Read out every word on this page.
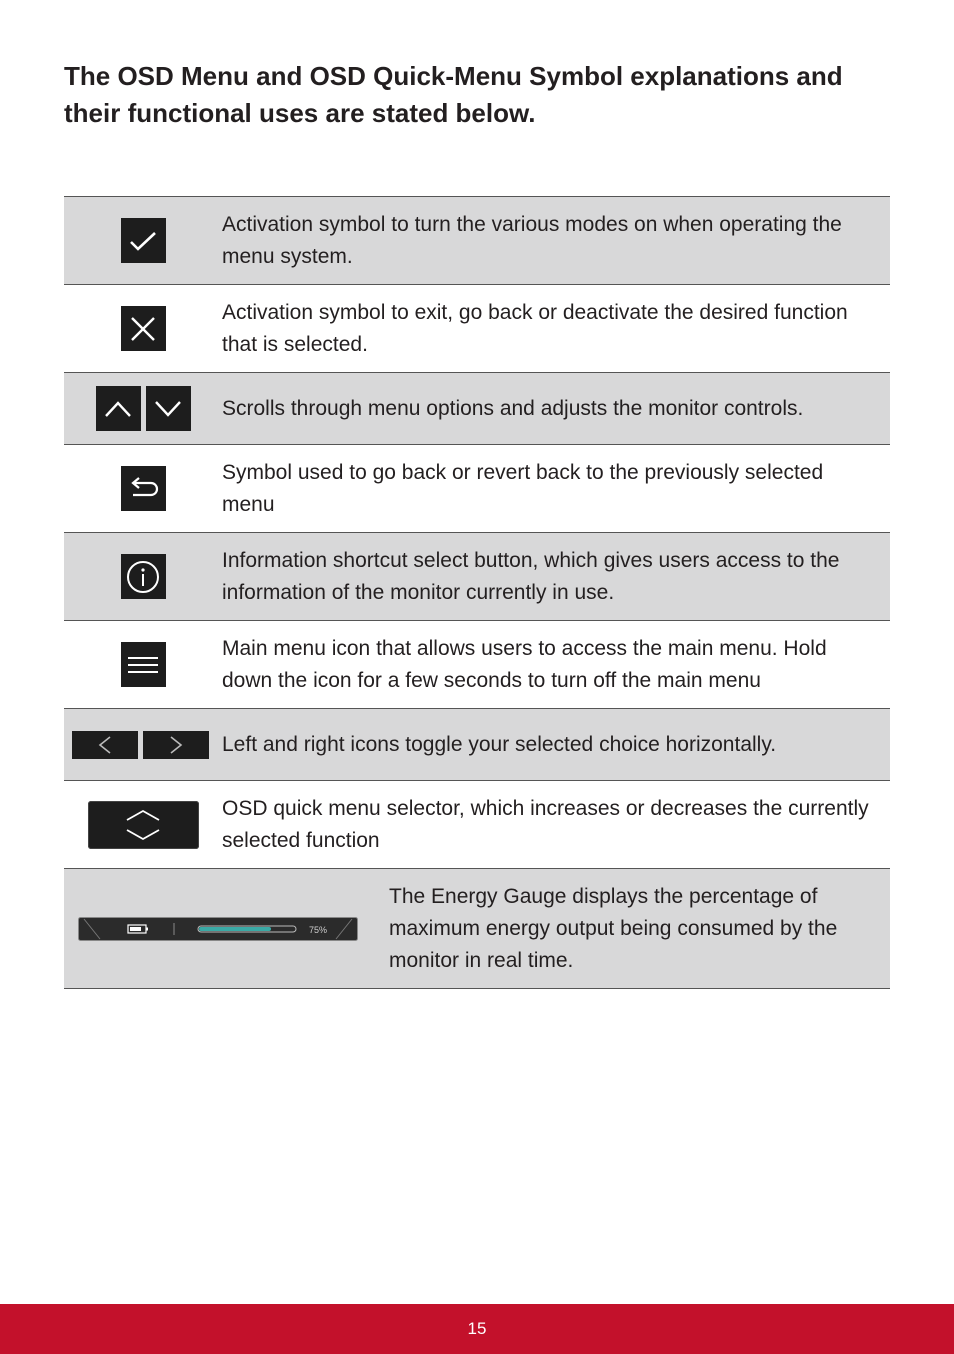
The OSD Menu and OSD Quick-Menu Symbol explanations and their functional uses are stated below.
Activation symbol to turn the various modes on when operating the menu system.
Activation symbol to exit, go back or deactivate the desired function that is selected.
Scrolls through menu options and adjusts the monitor controls.
Symbol used to go back or revert back to the previously selected menu
Information shortcut select button, which gives users access to the information of the monitor currently in use.
Main menu icon that allows users to access the main menu. Hold down the icon for a few seconds to turn off the main menu
Left and right icons toggle your selected choice horizontally.
OSD quick menu selector, which increases or decreases the currently selected function
75%
The Energy Gauge displays the percentage of maximum energy output being consumed by the monitor in real time.
15
